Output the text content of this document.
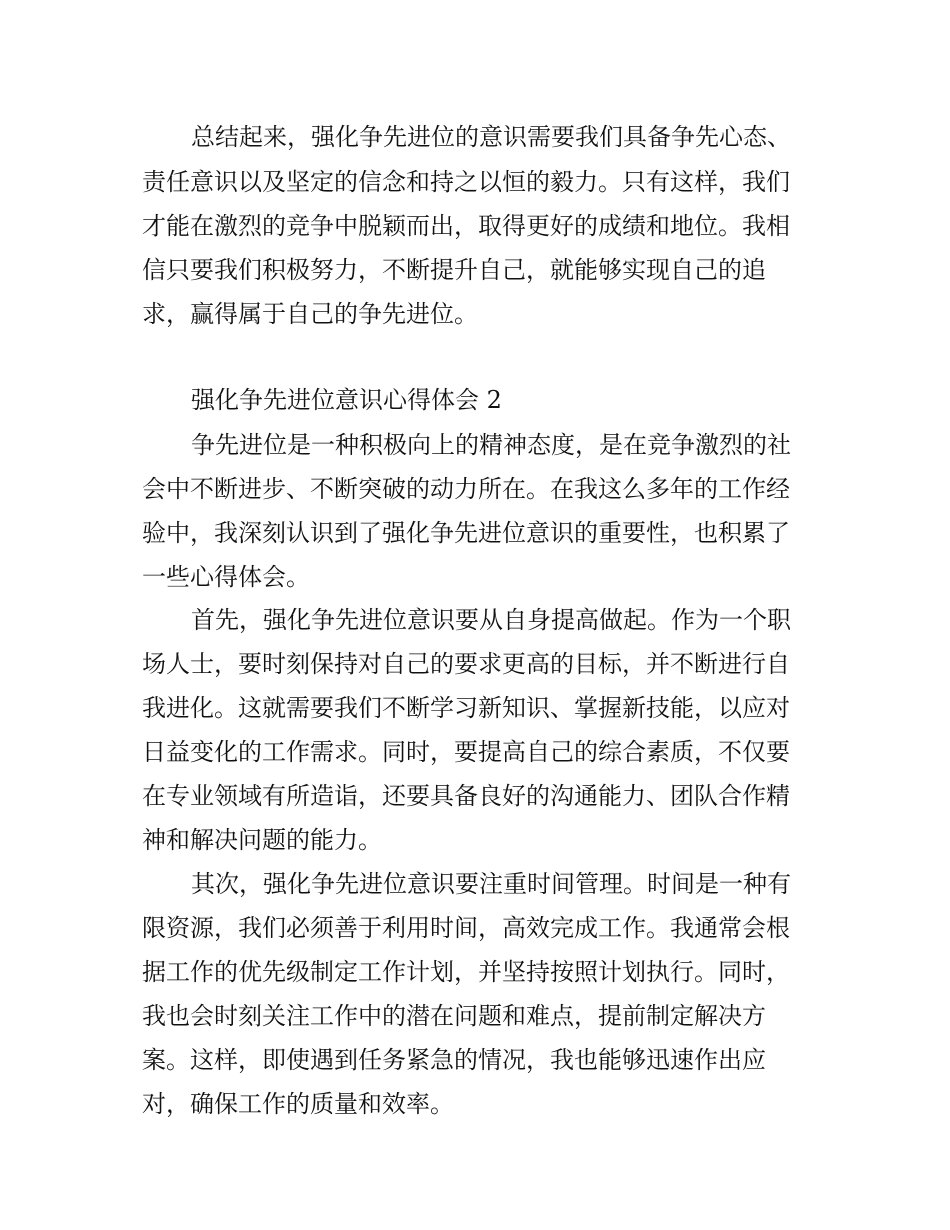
总结起来，强化争先进位的意识需要我们具备争先心态、
责任意识以及坚定的信念和持之以恒的毅力。只有这样，我们
才能在激烈的竞争中脱颖而出，取得更好的成绩和地位。我相
信只要我们积极努力，不断提升自己，就能够实现自己的追
求，赢得属于自己的争先进位。
强化争先进位意识心得体会 2
争先进位是一种积极向上的精神态度，是在竞争激烈的社
会中不断进步、不断突破的动力所在。在我这么多年的工作经
验中，我深刻认识到了强化争先进位意识的重要性，也积累了
一些心得体会。
首先，强化争先进位意识要从自身提高做起。作为一个职
场人士，要时刻保持对自己的要求更高的目标，并不断进行自
我进化。这就需要我们不断学习新知识、掌握新技能，以应对
日益变化的工作需求。同时，要提高自己的综合素质，不仅要
在专业领域有所造诣，还要具备良好的沟通能力、团队合作精
神和解决问题的能力。
其次，强化争先进位意识要注重时间管理。时间是一种有
限资源，我们必须善于利用时间，高效完成工作。我通常会根
据工作的优先级制定工作计划，并坚持按照计划执行。同时，
我也会时刻关注工作中的潜在问题和难点，提前制定解决方
案。这样，即使遇到任务紧急的情况，我也能够迅速作出应
对，确保工作的质量和效率。
